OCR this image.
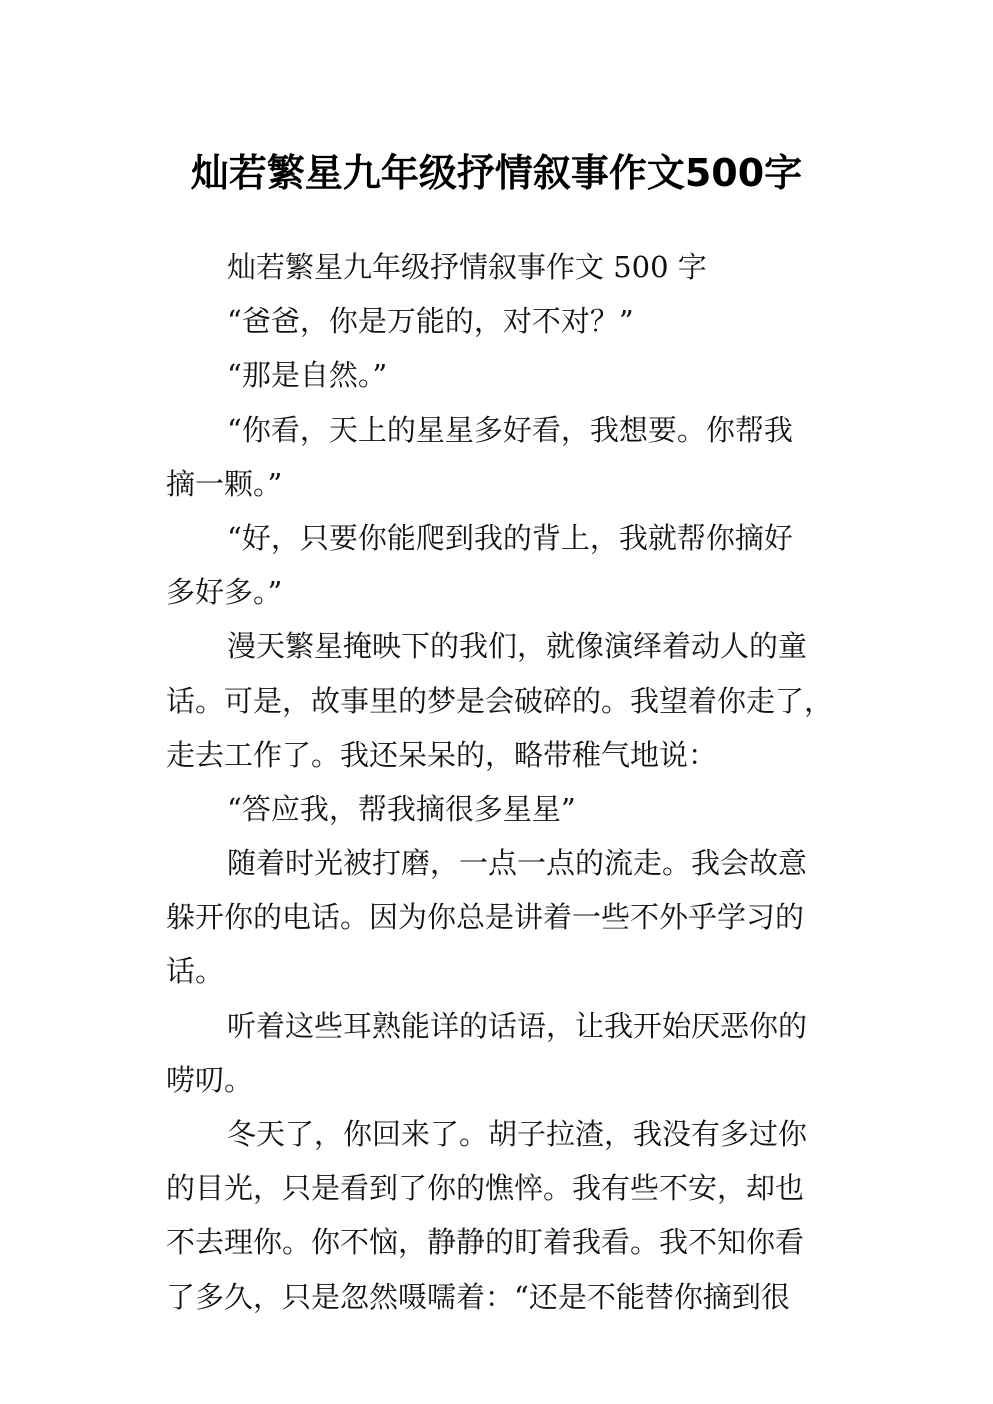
灿若繁星九年级抒情叙事作文500字
灿若繁星九年级抒情叙事作文 500 字
“爸爸，你是万能的，对不对？”
“那是自然。”
“你看，天上的星星多好看，我想要。你帮我
摘一颗。”
“好，只要你能爬到我的背上，我就帮你摘好
多好多。”
漫天繁星掩映下的我们，就像演绎着动人的童
话。可是，故事里的梦是会破碎的。我望着你走了，
走去工作了。我还呆呆的，略带稚气地说：
“答应我，帮我摘很多星星”
随着时光被打磨，一点一点的流走。我会故意
躲开你的电话。因为你总是讲着一些不外乎学习的
话。
听着这些耳熟能详的话语，让我开始厌恶你的
唠叨。
冬天了，你回来了。胡子拉渣，我没有多过你
的目光，只是看到了你的憔悴。我有些不安，却也
不去理你。你不恼，静静的盯着我看。我不知你看
了多久，只是忽然嗫嚅着：“还是不能替你摘到很
